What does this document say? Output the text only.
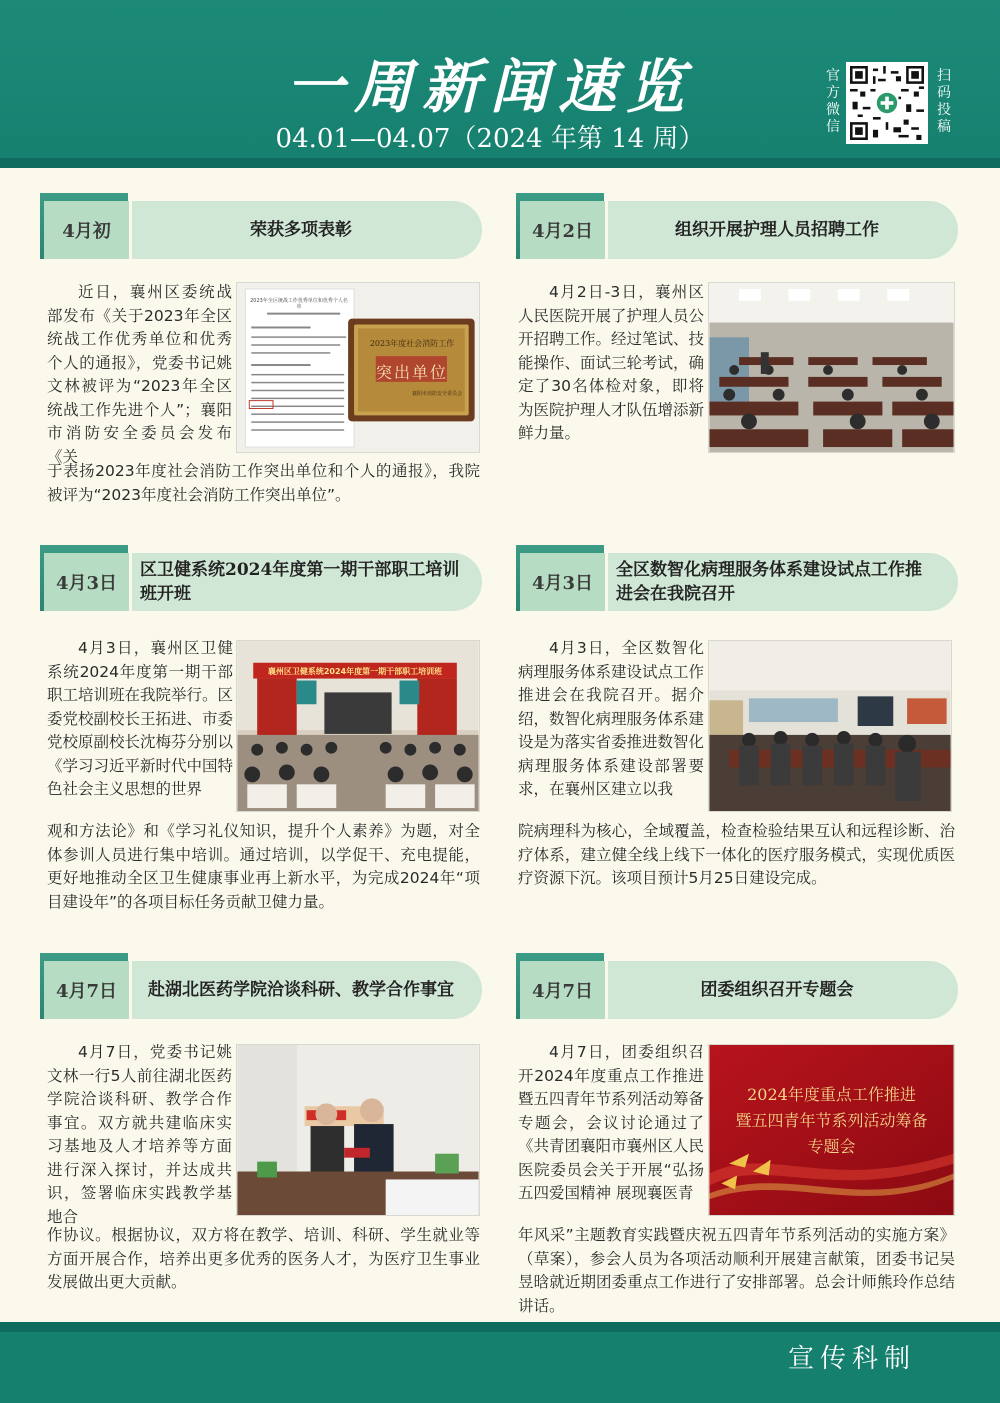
一周新闻速览
04.01—04.07（2024 年第 14 周）
官方微信
扫码投稿
4月初	荣获多项表彰
近日，襄州区委统战部发布《关于2023年全区统战工作优秀单位和优秀个人的通报》，党委书记姚文林被评为“2023年全区统战工作先进个人”；襄阳市消防安全委员会发布《关
于表扬2023年度社会消防工作突出单位和个人的通报》，我院被评为“2023年度社会消防工作突出单位”。
2023年全区统战工作优秀单位和优秀个人名单
2023年度社会消防工作
突出单位
襄阳市消防安全委员会
4月2日	组织开展护理人员招聘工作
4月2日-3日，襄州区人民医院开展了护理人员公开招聘工作。经过笔试、技能操作、面试三轮考试，确定了30名体检对象，即将为医院护理人才队伍增添新鲜力量。
4月3日
区卫健系统2024年度第一期干部职工培训班开班
4月3日，襄州区卫健系统2024年度第一期干部职工培训班在我院举行。区委党校副校长王拓进、市委党校原副校长沈梅芬分别以《学习习近平新时代中国特色社会主义思想的世界
观和方法论》和《学习礼仪知识，提升个人素养》为题，对全体参训人员进行集中培训。通过培训，以学促干、充电提能，更好地推动全区卫生健康事业再上新水平，为完成2024年“项目建设年”的各项目标任务贡献卫健力量。
襄州区卫健系统2024年度第一期干部职工培训班
4月3日
全区数智化病理服务体系建设试点工作推进会在我院召开
4月3日，全区数智化病理服务体系建设试点工作推进会在我院召开。据介绍，数智化病理服务体系建设是为落实省委推进数智化病理服务体系建设部署要求，在襄州区建立以我
院病理科为核心，全域覆盖，检查检验结果互认和远程诊断、治疗体系，建立健全线上线下一体化的医疗服务模式，实现优质医疗资源下沉。该项目预计5月25日建设完成。
4月7日	赴湖北医药学院洽谈科研、教学合作事宜
4月7日，党委书记姚文林一行5人前往湖北医药学院洽谈科研、教学合作事宜。双方就共建临床实习基地及人才培养等方面进行深入探讨，并达成共识，签署临床实践教学基地合
作协议。根据协议，双方将在教学、培训、科研、学生就业等方面开展合作，培养出更多优秀的医务人才，为医疗卫生事业发展做出更大贡献。
4月7日	团委组织召开专题会
4月7日，团委组织召开2024年度重点工作推进暨五四青年节系列活动筹备专题会，会议讨论通过了《共青团襄阳市襄州区人民医院委员会关于开展“弘扬五四爱国精神 展现襄医青
年风采”主题教育实践暨庆祝五四青年节系列活动的实施方案》（草案），参会人员为各项活动顺利开展建言献策，团委书记吴昱晗就近期团委重点工作进行了安排部署。总会计师熊玲作总结讲话。
2024年度重点工作推进
暨五四青年节系列活动筹备
专题会
宣传科制
